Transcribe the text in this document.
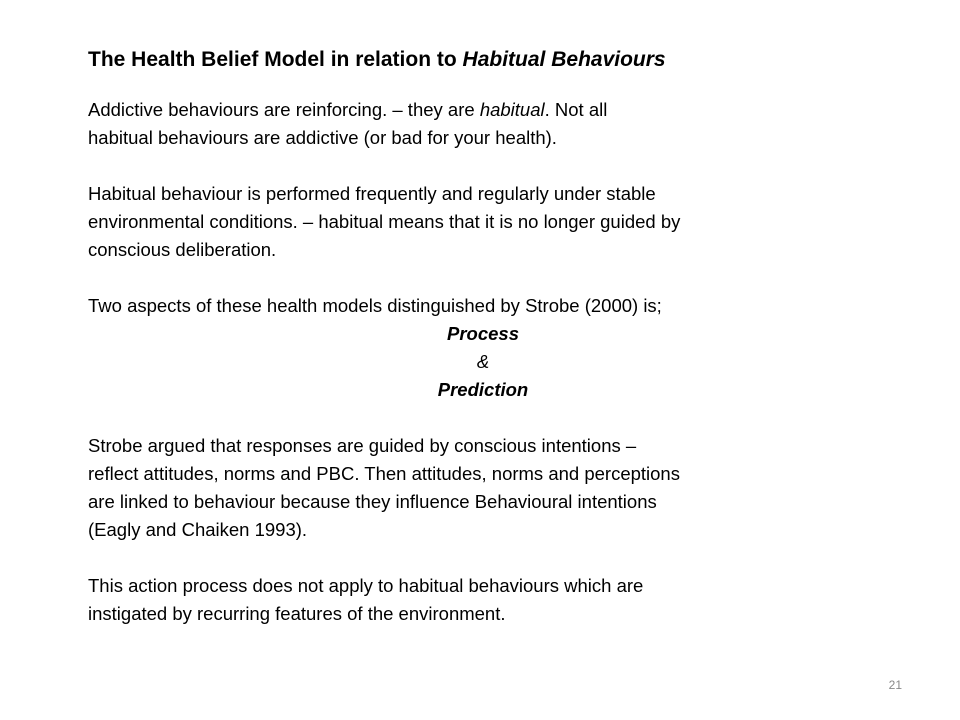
The Health Belief Model in relation to Habitual Behaviours

Addictive behaviours are reinforcing. – they are habitual. Not all
habitual behaviours are addictive (or bad for your health).

Habitual behaviour is performed frequently and regularly under stable
environmental conditions. – habitual means that it is no longer guided by
conscious deliberation.

Two aspects of these health models distinguished by Strobe (2000) is;

Process

&

Prediction

Strobe argued that responses are guided by conscious intentions –
reflect attitudes, norms and PBC. Then attitudes, norms and perceptions
are linked to behaviour because they influence Behavioural intentions
(Eagly and Chaiken 1993).

This action process does not apply to habitual behaviours which are
instigated by recurring features of the environment.

21
